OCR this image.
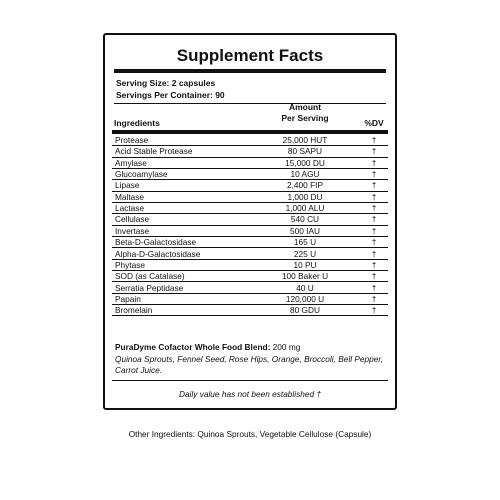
Supplement Facts
Serving Size: 2 capsules
Servings Per Container: 90
Amount
Per Serving
Ingredients	%DV
Protease	25,000 HUT	†
Acid Stable Protease	80 SAPU	†
Amylase	15,000 DU	†
Glucoamylase	10 AGU	†
Lipase	2,400 FIP	†
Maltase	1,000 DU	†
Lactase	1,000 ALU	†
Cellulase	540 CU	†
Invertase	500 IAU	†
Beta-D-Galactosidase	165 U	†
Alpha-D-Galactosidase	225 U	†
Phytase	10 PU	†
SOD (as Catalase)	100 Baker U	†
Serratia Peptidase	40 U	†
Papain	120,000 U	†
Bromelain	80 GDU	†
PuraDyme Cofactor Whole Food Blend: 200 mg
Quinoa Sprouts, Fennel Seed, Rose Hips, Orange, Broccoli, Bell Pepper, Carrot Juice.
Daily value has not been established †
Other Ingredients: Quinoa Sprouts, Vegetable Cellulose (Capsule)
